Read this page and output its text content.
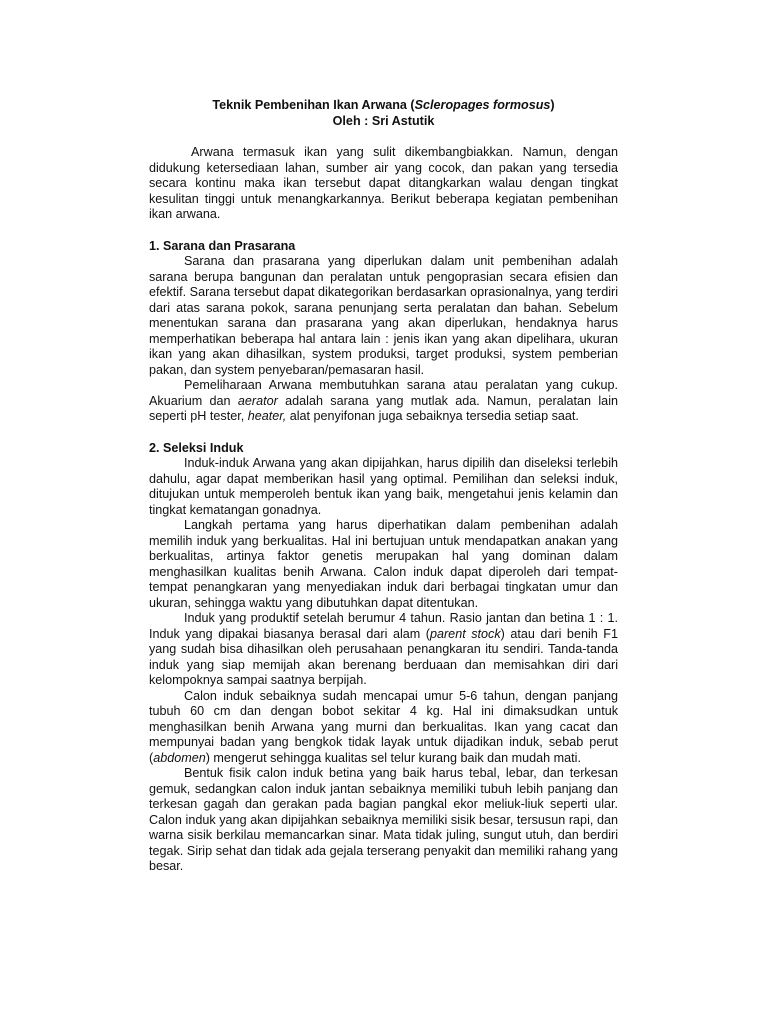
Teknik Pembenihan Ikan Arwana (Scleropages formosus)
Oleh : Sri Astutik

Arwana termasuk ikan yang sulit dikembangbiakkan. Namun, dengan didukung ketersediaan lahan, sumber air yang cocok, dan pakan yang tersedia secara kontinu maka ikan tersebut dapat ditangkarkan walau dengan tingkat kesulitan tinggi untuk menangkarkannya. Berikut beberapa kegiatan pembenihan ikan arwana.

1. Sarana dan Prasarana

Sarana dan prasarana yang diperlukan dalam unit pembenihan adalah sarana berupa bangunan dan peralatan untuk pengoprasian secara efisien dan efektif. Sarana tersebut dapat dikategorikan berdasarkan oprasionalnya, yang terdiri dari atas sarana pokok, sarana penunjang serta peralatan dan bahan. Sebelum menentukan sarana dan prasarana yang akan diperlukan, hendaknya harus memperhatikan beberapa hal antara lain : jenis ikan yang akan dipelihara, ukuran ikan yang akan dihasilkan, system produksi, target produksi, system pemberian pakan, dan system penyebaran/pemasaran hasil.

Pemeliharaan Arwana membutuhkan sarana atau peralatan yang cukup. Akuarium dan aerator adalah sarana yang mutlak ada. Namun, peralatan lain seperti pH tester, heater, alat penyifonan juga sebaiknya tersedia setiap saat.

2. Seleksi Induk

Induk-induk Arwana yang akan dipijahkan, harus dipilih dan diseleksi terlebih dahulu, agar dapat memberikan hasil yang optimal. Pemilihan dan seleksi induk, ditujukan untuk memperoleh bentuk ikan yang baik, mengetahui jenis kelamin dan tingkat kematangan gonadnya.

Langkah pertama yang harus diperhatikan dalam pembenihan adalah memilih induk yang berkualitas. Hal ini bertujuan untuk mendapatkan anakan yang berkualitas, artinya faktor genetis merupakan hal yang dominan dalam menghasilkan kualitas benih Arwana. Calon induk dapat diperoleh dari tempat-tempat penangkaran yang menyediakan induk dari berbagai tingkatan umur dan ukuran, sehingga waktu yang dibutuhkan dapat ditentukan.

Induk yang produktif setelah berumur 4 tahun. Rasio jantan dan betina 1 : 1. Induk yang dipakai biasanya berasal dari alam (parent stock) atau dari benih F1 yang sudah bisa dihasilkan oleh perusahaan penangkaran itu sendiri. Tanda-tanda induk yang siap memijah akan berenang berduaan dan memisahkan diri dari kelompoknya sampai saatnya berpijah.

Calon induk sebaiknya sudah mencapai umur 5-6 tahun, dengan panjang tubuh 60 cm dan dengan bobot sekitar 4 kg. Hal ini dimaksudkan untuk menghasilkan benih Arwana yang murni dan berkualitas. Ikan yang cacat dan mempunyai badan yang bengkok tidak layak untuk dijadikan induk, sebab perut (abdomen) mengerut sehingga kualitas sel telur kurang baik dan mudah mati.

Bentuk fisik calon induk betina yang baik harus tebal, lebar, dan terkesan gemuk, sedangkan calon induk jantan sebaiknya memiliki tubuh lebih panjang dan terkesan gagah dan gerakan pada bagian pangkal ekor meliuk-liuk seperti ular. Calon induk yang akan dipijahkan sebaiknya memiliki sisik besar, tersusun rapi, dan warna sisik berkilau memancarkan sinar. Mata tidak juling, sungut utuh, dan berdiri tegak. Sirip sehat dan tidak ada gejala terserang penyakit dan memiliki rahang yang besar.
